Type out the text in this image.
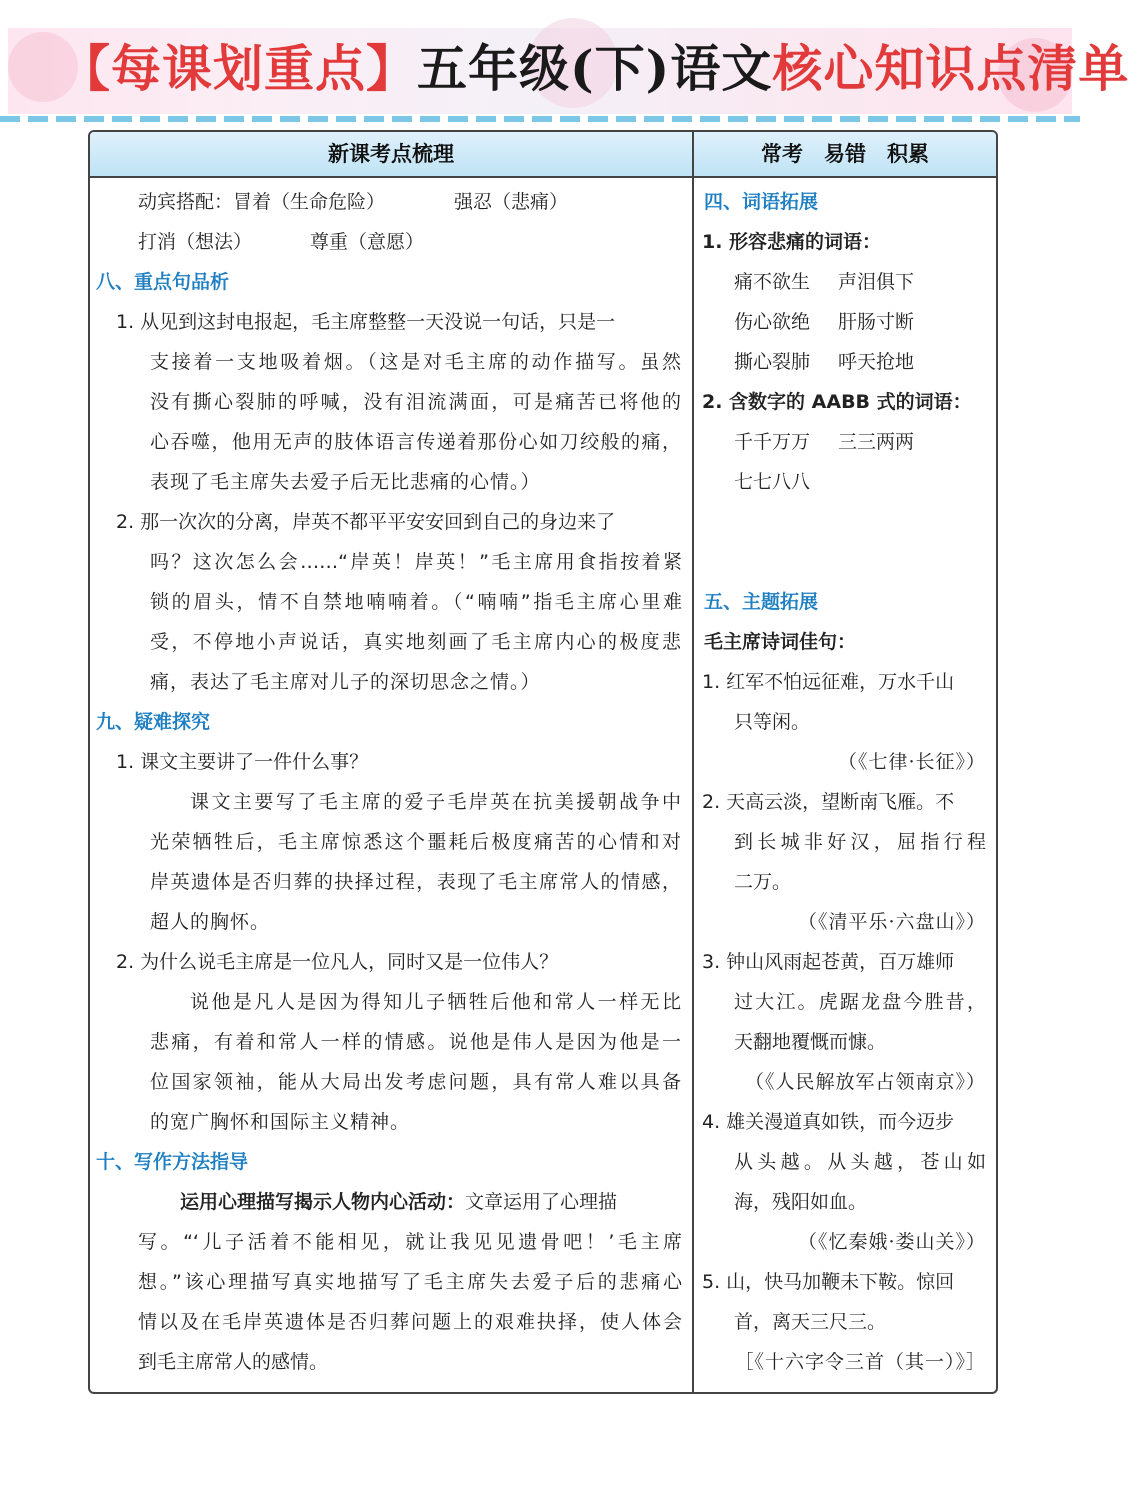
【每课划重点】五年级(下)语文核心知识点清单
新课考点梳理	常考　易错　积累
动宾搭配：冒着（生命危险）	强忍（悲痛）
打消（想法）	尊重（意愿）
八、重点句品析
1. 从见到这封电报起，毛主席整整一天没说一句话，只是一
支接着一支地吸着烟。（这是对毛主席的动作描写。虽然
没有撕心裂肺的呼喊，没有泪流满面，可是痛苦已将他的
心吞噬，他用无声的肢体语言传递着那份心如刀绞般的痛，
表现了毛主席失去爱子后无比悲痛的心情。）
2. 那一次次的分离，岸英不都平平安安回到自己的身边来了
吗？这次怎么会……“岸英！岸英！”毛主席用食指按着紧
锁的眉头，情不自禁地喃喃着。（“喃喃”指毛主席心里难
受，不停地小声说话，真实地刻画了毛主席内心的极度悲
痛，表达了毛主席对儿子的深切思念之情。）
九、疑难探究
1. 课文主要讲了一件什么事？
课文主要写了毛主席的爱子毛岸英在抗美援朝战争中
光荣牺牲后，毛主席惊悉这个噩耗后极度痛苦的心情和对
岸英遗体是否归葬的抉择过程，表现了毛主席常人的情感，
超人的胸怀。
2. 为什么说毛主席是一位凡人，同时又是一位伟人？
说他是凡人是因为得知儿子牺牲后他和常人一样无比
悲痛，有着和常人一样的情感。说他是伟人是因为他是一
位国家领袖，能从大局出发考虑问题，具有常人难以具备
的宽广胸怀和国际主义精神。
十、写作方法指导
运用心理描写揭示人物内心活动：文章运用了心理描
写。“‘儿子活着不能相见，就让我见见遗骨吧！’毛主席
想。”该心理描写真实地描写了毛主席失去爱子后的悲痛心
情以及在毛岸英遗体是否归葬问题上的艰难抉择，使人体会
到毛主席常人的感情。
四、词语拓展
1. 形容悲痛的词语：
痛不欲生 声泪俱下
伤心欲绝 肝肠寸断
撕心裂肺 呼天抢地
2. 含数字的 AABB 式的词语：
千千万万 三三两两
七七八八
五、主题拓展
毛主席诗词佳句：
1. 红军不怕远征难，万水千山
只等闲。
（《七律·长征》）
2. 天高云淡，望断南飞雁。不
到长城非好汉，屈指行程
二万。
（《清平乐·六盘山》）
3. 钟山风雨起苍黄，百万雄师
过大江。虎踞龙盘今胜昔，
天翻地覆慨而慷。
（《人民解放军占领南京》）
4. 雄关漫道真如铁，而今迈步
从头越。从头越，苍山如
海，残阳如血。
（《忆秦娥·娄山关》）
5. 山，快马加鞭未下鞍。惊回
首，离天三尺三。
［《十六字令三首（其一）》］
